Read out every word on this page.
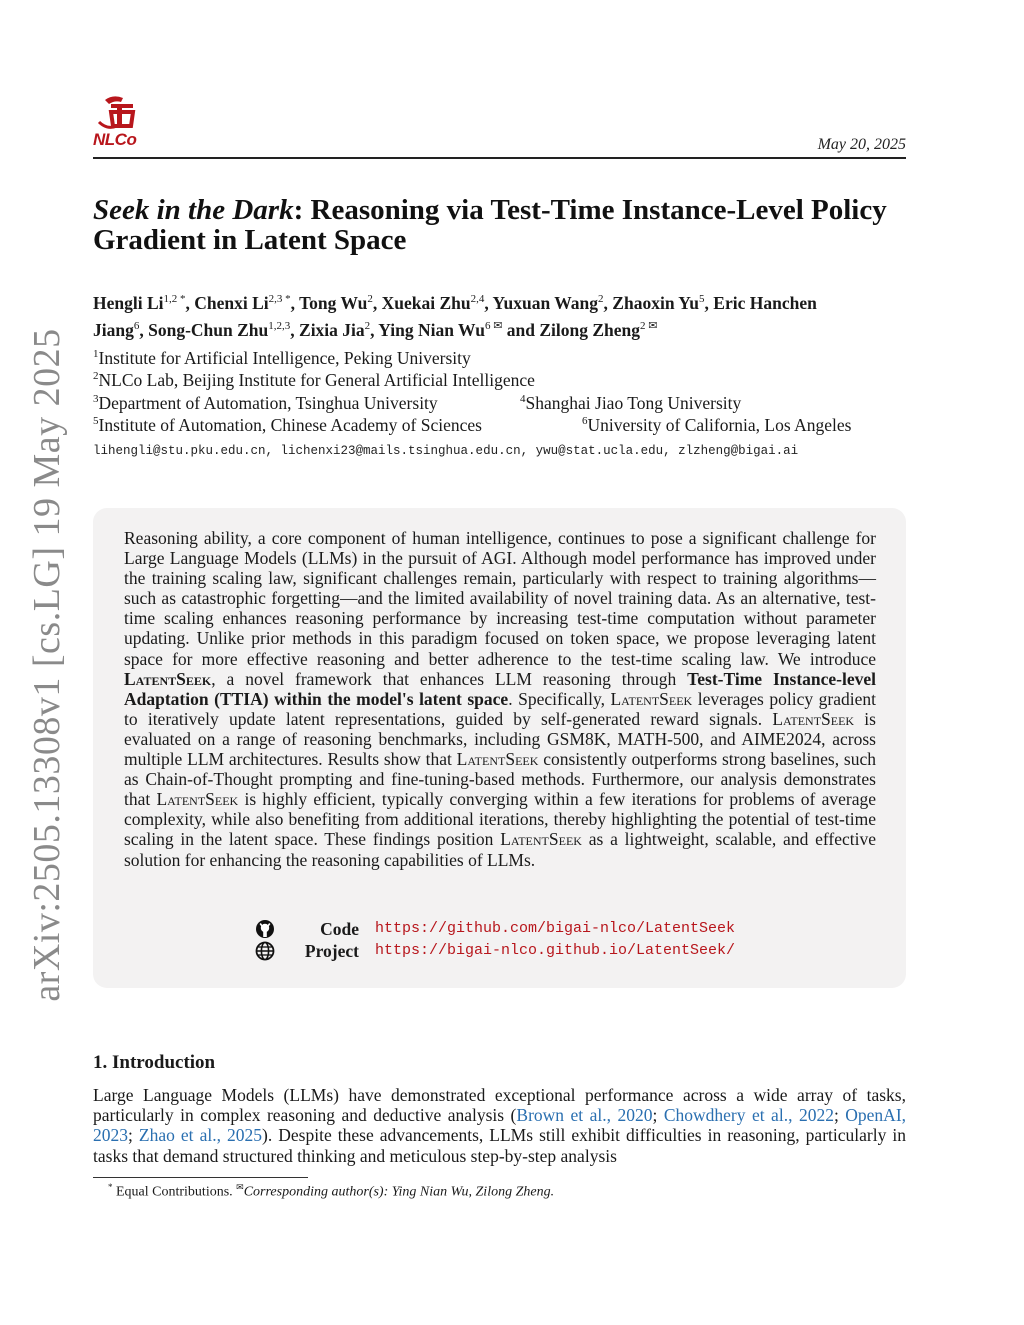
arXiv:2505.13308v1 [cs.LG] 19 May 2025
NLCo	May 20, 2025
Seek in the Dark: Reasoning via Test-Time Instance-Level Policy Gradient in Latent Space
Hengli $Li^{1,2 *}$, Chenxi $Li^{2,3 *}$, Tong Wu$^2$, Xuekai Zhu$^{2,4}$, Yuxuan Wang$^2$, Zhaoxin Yu$^5$, Eric Hanchen
Jiang$^6$, Song-Chun Zhu$^{1,2,3}$, Zixia Jia$^2$, Ying Nian $Wu^{6 ✉}$ and Zilong Zheng$^{2 ✉}$
$^1$Institute for Artificial Intelligence, Peking University
$^2$NLCo Lab, Beijing Institute for General Artificial Intelligence
$^3$Department of Automation, Tsinghua University	$^4$Shanghai Jiao Tong University
$^5$Institute of Automation, Chinese Academy of Sciences	$^6$University of California, Los Angeles
lihengli@stu.pku.edu.cn, lichenxi23@mails.tsinghua.edu.cn, ywu@stat.ucla.edu, zlzheng@bigai.ai
Reasoning ability, a core component of human intelligence, continues to pose a significant challenge for Large Language Models (LLMs) in the pursuit of AGI. Although model performance has improved under the training scaling law, significant challenges remain, particularly with respect to training algorithms—such as catastrophic forgetting—and the limited availability of novel training data. As an alternative, test-time scaling enhances reasoning performance by increasing test-time computation without parameter updating. Unlike prior methods in this paradigm focused on token space, we propose leveraging latent space for more effective reasoning and better adherence to the test-time scaling law. We introduce LatentSeek, a novel framework that enhances LLM reasoning through Test-Time Instance-level Adaptation (TTIA) within the model's latent space. Specifically, LatentSeek leverages policy gradient to iteratively update latent representations, guided by self-generated reward signals. LatentSeek is evaluated on a range of reasoning benchmarks, including GSM8K, MATH-500, and AIME2024, across multiple LLM architectures. Results show that LatentSeek consistently outperforms strong baselines, such as Chain-of-Thought prompting and fine-tuning-based methods. Furthermore, our analysis demonstrates that LatentSeek is highly efficient, typically converging within a few iterations for problems of average complexity, while also benefiting from additional iterations, thereby highlighting the potential of test-time scaling in the latent space. These findings position LatentSeek as a lightweight, scalable, and effective solution for enhancing the reasoning capabilities of LLMs.
Code https://github.com/bigai-nlco/LatentSeek
Project https://bigai-nlco.github.io/LatentSeek/
1. Introduction
Large Language Models (LLMs) have demonstrated exceptional performance across a wide array of tasks, particularly in complex reasoning and deductive analysis (Brown et al., 2020; Chowdhery et al., 2022; OpenAI, 2023; Zhao et al., 2025). Despite these advancements, LLMs still exhibit difficulties in reasoning, particularly in tasks that demand structured thinking and meticulous step-by-step analysis
* Equal Contributions. ✉Corresponding author(s): Ying Nian Wu, Zilong Zheng.
